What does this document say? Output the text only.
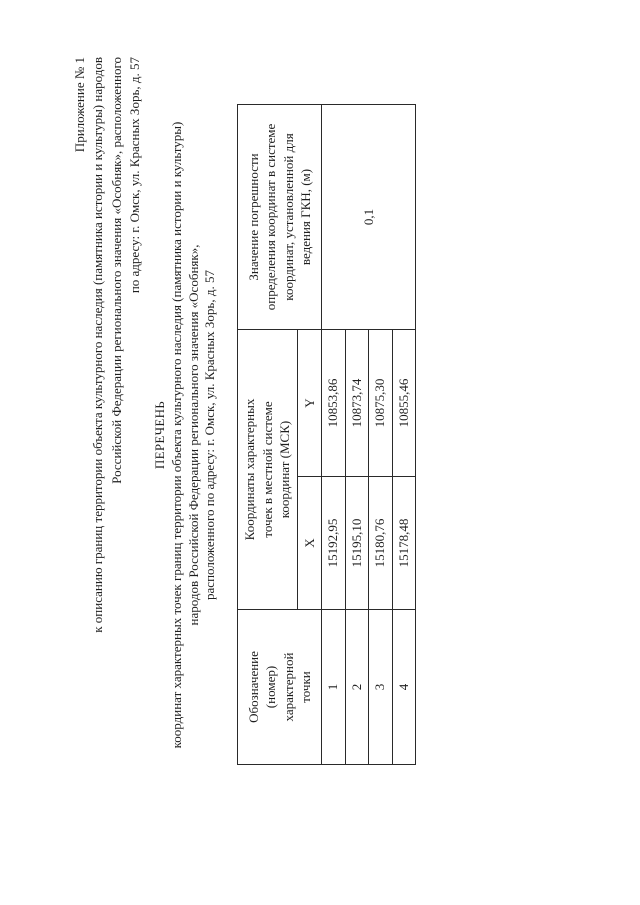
Приложение № 1
к описанию границ территории объекта культурного наследия (памятника истории и культуры) народов
Российской Федерации регионального значения «Особняк», расположенного
по адресу: г. Омск, ул. Красных Зорь, д. 57
ПЕРЕЧЕНЬ
координат характерных точек границ территории объекта культурного наследия (памятника истории и культуры)
народов Российской Федерации регионального значения «Особняк»,
расположенного по адресу: г. Омск, ул. Красных Зорь, д. 57
Обозначение
(номер)
характерной
точки	Координаты характерных
точек в местной системе
координат (МСК)		Значение погрешности
определения координат в системе
координат, установленной для
ведения ГКН, (м)
	X	Y	
1	15192,95	10853,86	0,1
2	15195,10	10873,74	
3	15180,76	10875,30	
4	15178,48	10855,46	
